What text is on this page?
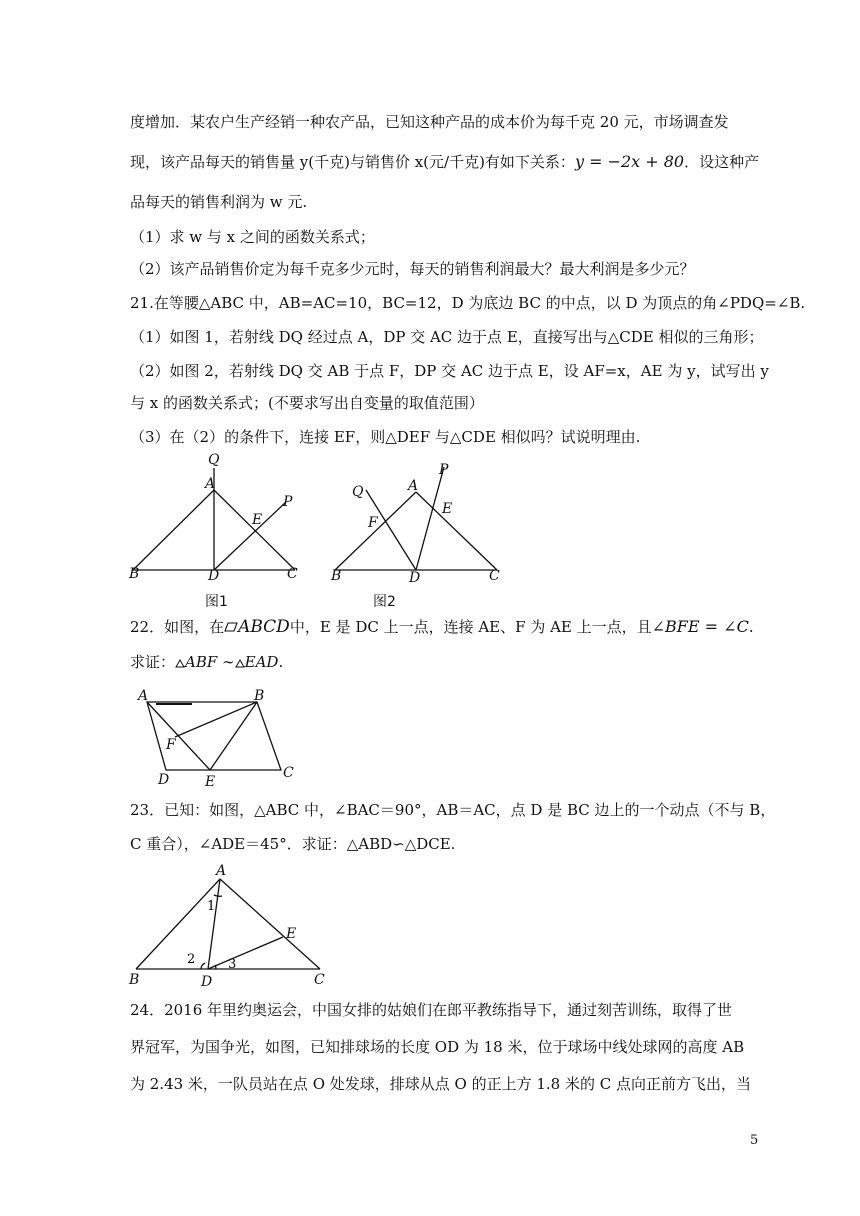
度增加．某农户生产经销一种农产品，已知这种产品的成本价为每千克 20 元，市场调查发
现，该产品每天的销售量 y(千克)与销售价 x(元/千克)有如下关系：y = −2x + 80．设这种产
品每天的销售利润为 w 元.
（1）求 w 与 x 之间的函数关系式；
（2）该产品销售价定为每千克多少元时，每天的销售利润最大？最大利润是多少元？
21.在等腰△ABC 中，AB=AC=10，BC=12，D 为底边 BC 的中点，以 D 为顶点的角∠PDQ=∠B.
（1）如图 1，若射线 DQ 经过点 A，DP 交 AC 边于点 E，直接写出与△CDE 相似的三角形；
（2）如图 2，若射线 DQ 交 AB 于点 F，DP 交 AC 边于点 E，设 AF=x，AE 为 y，试写出 y
与 x 的函数关系式；(不要求写出自变量的取值范围）
（3）在（2）的条件下，连接 EF，则△DEF 与△CDE 相似吗？试说明理由.
Q
A
E
P
B	D	C
图1
Q	A
P
F
E
B	D	C
图2
22．如图，在 ABCD中，E 是 DC 上一点，连接 AE、F 为 AE 上一点，且∠BFE = ∠C.
求证： ABF ∼ EAD.
A	B
F
D	E
C
23．已知：如图，△ABC 中，∠BAC＝90°，AB＝AC，点 D 是 BC 边上的一个动点（不与 B，
C 重合），∠ADE＝45°．求证：△ABD∽△DCE.
A
B	D	C
E
1
2	3
24．2016 年里约奥运会，中国女排的姑娘们在郎平教练指导下，通过刻苦训练，取得了世
界冠军，为国争光，如图，已知排球场的长度 OD 为 18 米，位于球场中线处球网的高度 AB
为 2.43 米，一队员站在点 O 处发球，排球从点 O 的正上方 1.8 米的 C 点向正前方飞出，当
5
